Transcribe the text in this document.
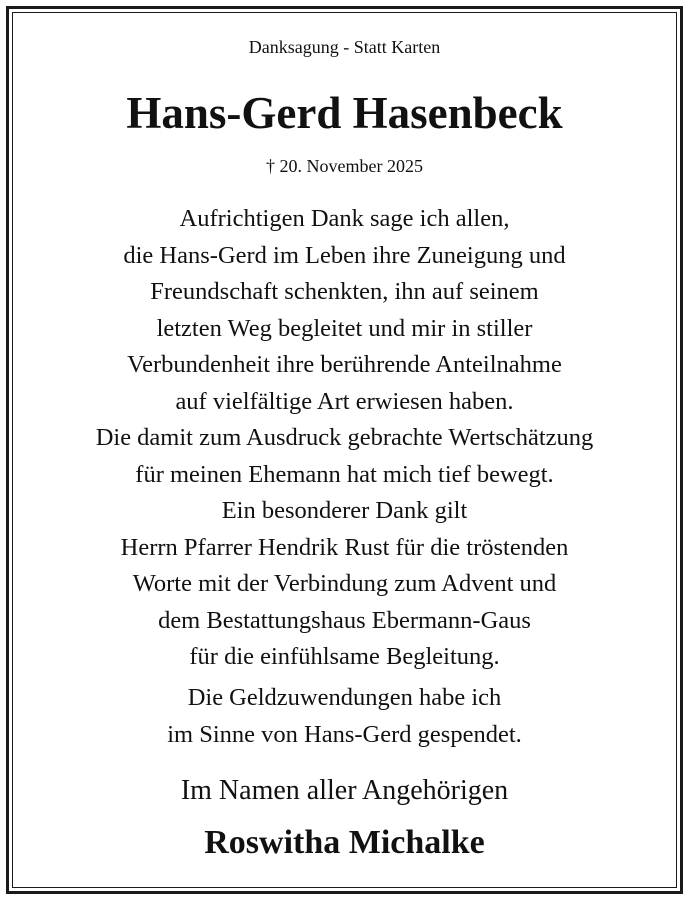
Danksagung - Statt Karten
Hans-Gerd Hasenbeck
† 20. November 2025
Aufrichtigen Dank sage ich allen,
die Hans-Gerd im Leben ihre Zuneigung und
Freundschaft schenkten, ihn auf seinem
letzten Weg begleitet und mir in stiller
Verbundenheit ihre berührende Anteilnahme
auf vielfältige Art erwiesen haben.
Die damit zum Ausdruck gebrachte Wertschätzung
für meinen Ehemann hat mich tief bewegt.
Ein besonderer Dank gilt
Herrn Pfarrer Hendrik Rust für die tröstenden
Worte mit der Verbindung zum Advent und
dem Bestattungshaus Ebermann-Gaus
für die einfühlsame Begleitung.
Die Geldzuwendungen habe ich
im Sinne von Hans-Gerd gespendet.
Im Namen aller Angehörigen
Roswitha Michalke
